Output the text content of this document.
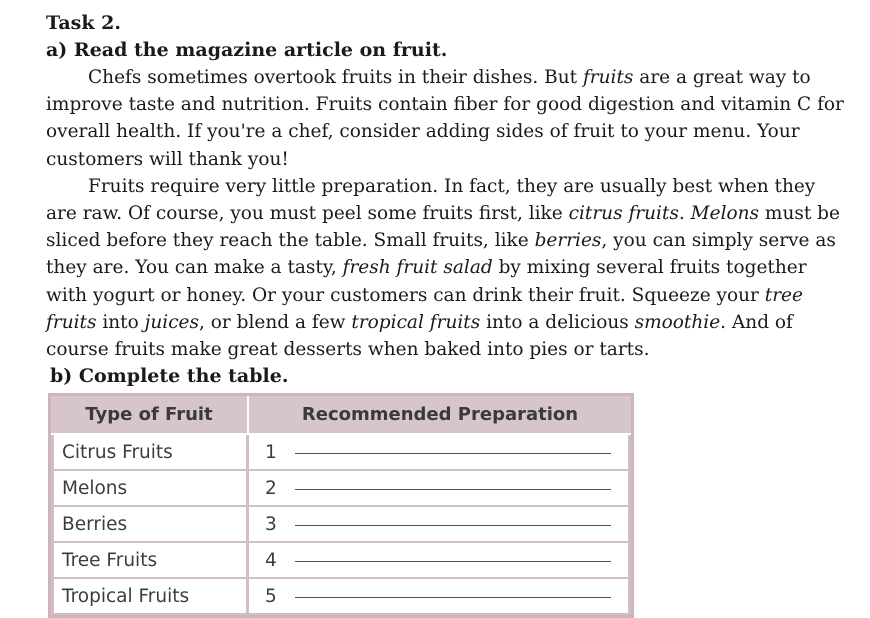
Task 2.

a) Read the magazine article on fruit.

Chefs sometimes overtook fruits in their dishes. But fruits are a great way to improve taste and nutrition. Fruits contain fiber for good digestion and vitamin C for overall health. If you're a chef, consider adding sides of fruit to your menu. Your customers will thank you!

Fruits require very little preparation. In fact, they are usually best when they are raw. Of course, you must peel some fruits first, like citrus fruits. Melons must be sliced before they reach the table. Small fruits, like berries, you can simply serve as they are. You can make a tasty, fresh fruit salad by mixing several fruits together with yogurt or honey. Or your customers can drink their fruit. Squeeze your tree fruits into juices, or blend a few tropical fruits into a delicious smoothie. And of course fruits make great desserts when baked into pies or tarts.

b) Complete the table.

Type of Fruit	Recommended Preparation
Citrus Fruits	1
Melons	2
Berries	3
Tree Fruits	4
Tropical Fruits	5
